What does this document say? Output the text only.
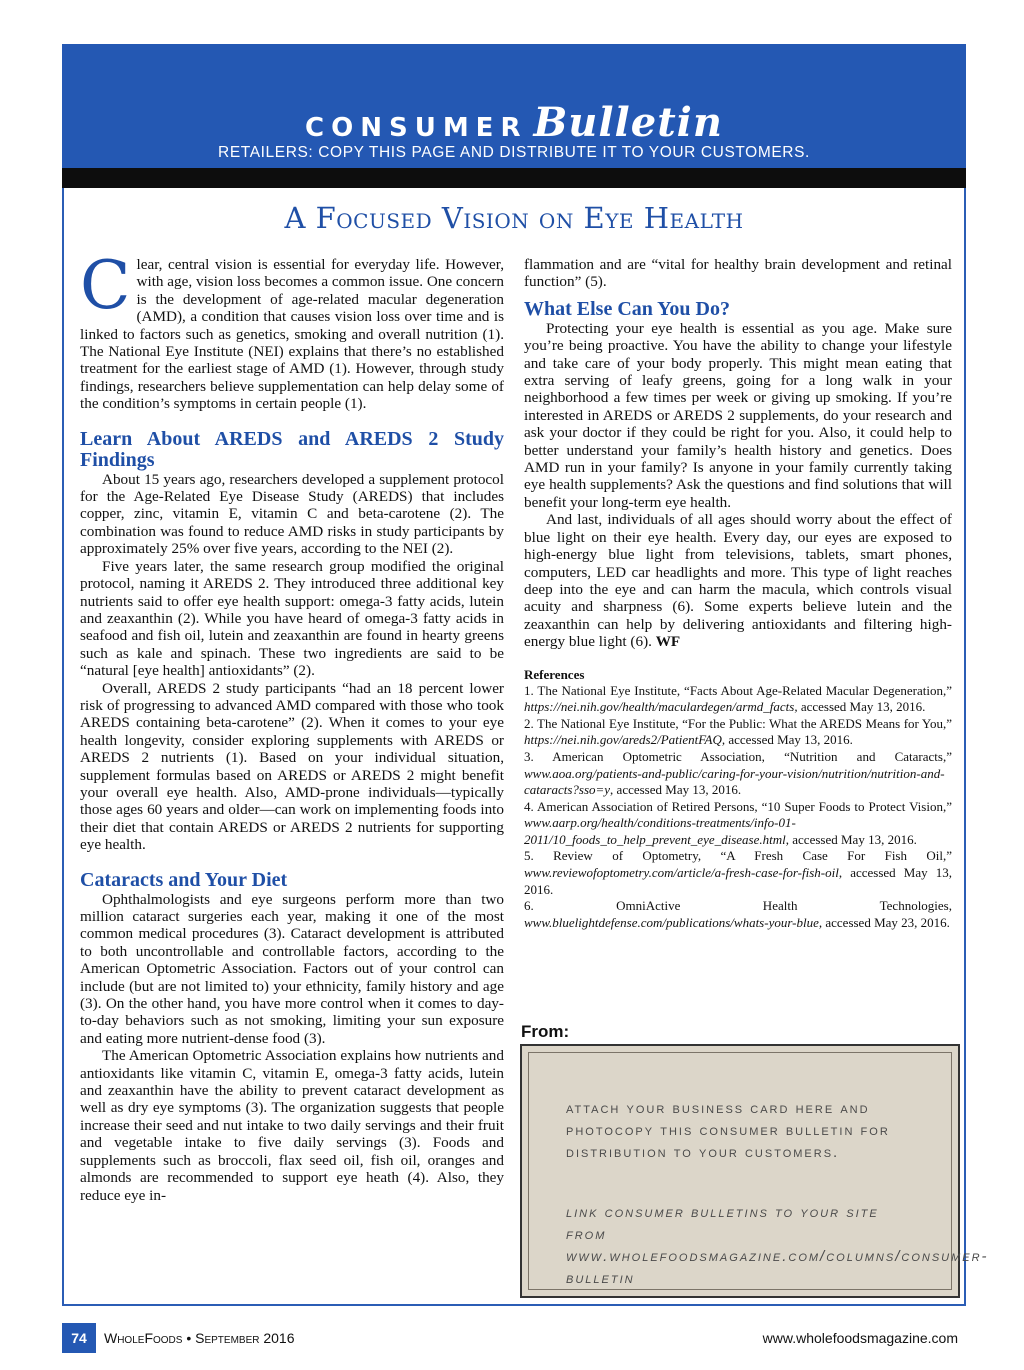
CONSUMER Bulletin
RETAILERS: COPY THIS PAGE AND DISTRIBUTE IT TO YOUR CUSTOMERS.
A Focused Vision on Eye Health

Clear, central vision is essential for everyday life. However, with age, vision loss becomes a common issue. One concern is the development of age-related macular degeneration (AMD), a condition that causes vision loss over time and is linked to factors such as genetics, smoking and overall nutrition (1). The National Eye Institute (NEI) explains that there’s no established treatment for the earliest stage of AMD (1). However, through study findings, researchers believe supplementation can help delay some of the condition’s symptoms in certain people (1).

Learn About AREDS and AREDS 2 Study Findings

About 15 years ago, researchers developed a supplement protocol for the Age-Related Eye Disease Study (AREDS) that includes copper, zinc, vitamin E, vitamin C and beta-carotene (2). The combination was found to reduce AMD risks in study participants by approximately 25% over five years, according to the NEI (2).

Five years later, the same research group modified the original protocol, naming it AREDS 2. They introduced three additional key nutrients said to offer eye health support: omega-3 fatty acids, lutein and zeaxanthin (2). While you have heard of omega-3 fatty acids in seafood and fish oil, lutein and zeaxanthin are found in hearty greens such as kale and spinach. These two ingredients are said to be “natural [eye health] antioxidants” (2).

Overall, AREDS 2 study participants “had an 18 percent lower risk of progressing to advanced AMD compared with those who took AREDS containing beta-carotene” (2). When it comes to your eye health longevity, consider exploring supplements with AREDS or AREDS 2 nutrients (1). Based on your individual situation, supplement formulas based on AREDS or AREDS 2 might benefit your overall eye health. Also, AMD-prone individuals—typically those ages 60 years and older—can work on implementing foods into their diet that contain AREDS or AREDS 2 nutrients for supporting eye health.

Cataracts and Your Diet

Ophthalmologists and eye surgeons perform more than two million cataract surgeries each year, making it one of the most common medical procedures (3). Cataract development is attributed to both uncontrollable and controllable factors, according to the American Optometric Association. Factors out of your control can include (but are not limited to) your ethnicity, family history and age (3). On the other hand, you have more control when it comes to day-to-day behaviors such as not smoking, limiting your sun exposure and eating more nutrient-dense food (3).

The American Optometric Association explains how nutrients and antioxidants like vitamin C, vitamin E, omega-3 fatty acids, lutein and zeaxanthin have the ability to prevent cataract development as well as dry eye symptoms (3). The organization suggests that people increase their seed and nut intake to two daily servings and their fruit and vegetable intake to five daily servings (3). Foods and supplements such as broccoli, flax seed oil, fish oil, oranges and almonds are recommended to support eye heath (4). Also, they reduce eye in-

flammation and are “vital for healthy brain development and retinal function” (5).

What Else Can You Do?

Protecting your eye health is essential as you age. Make sure you’re being proactive. You have the ability to change your lifestyle and take care of your body properly. This might mean eating that extra serving of leafy greens, going for a long walk in your neighborhood a few times per week or giving up smoking. If you’re interested in AREDS or AREDS 2 supplements, do your research and ask your doctor if they could be right for you. Also, it could help to better understand your family’s health history and genetics. Does AMD run in your family? Is anyone in your family currently taking eye health supplements? Ask the questions and find solutions that will benefit your long-term eye health.

And last, individuals of all ages should worry about the effect of blue light on their eye health. Every day, our eyes are exposed to high-energy blue light from televisions, tablets, smart phones, computers, LED car headlights and more. This type of light reaches deep into the eye and can harm the macula, which controls visual acuity and sharpness (6). Some experts believe lutein and the zeaxanthin can help by delivering antioxidants and filtering high-energy blue light (6). WF

References
1. The National Eye Institute, “Facts About Age-Related Macular Degeneration,” https://nei.nih.gov/health/maculardegen/armd_facts, accessed May 13, 2016.
2. The National Eye Institute, “For the Public: What the AREDS Means for You,” https://nei.nih.gov/areds2/PatientFAQ, accessed May 13, 2016.
3. American Optometric Association, “Nutrition and Cataracts,” www.aoa.org/patients-and-public/caring-for-your-vision/nutrition/nutrition-and-cataracts?sso=y, accessed May 13, 2016.
4. American Association of Retired Persons, “10 Super Foods to Protect Vision,” www.aarp.org/health/conditions-treatments/info-01-2011/10_foods_to_help_prevent_eye_disease.html, accessed May 13, 2016.
5. Review of Optometry, “A Fresh Case For Fish Oil,” www.reviewofoptometry.com/article/a-fresh-case-for-fish-oil, accessed May 13, 2016.
6. OmniActive Health Technologies, www.bluelightdefense.com/publications/whats-your-blue, accessed May 23, 2016.
From:
attach your business card here and photocopy this consumer bulletin for distribution to your customers.
link consumer bulletins to your site from www.wholefoodsmagazine.com/columns/consumer-bulletin
74	WholeFoods • September 2016	www.wholefoodsmagazine.com
